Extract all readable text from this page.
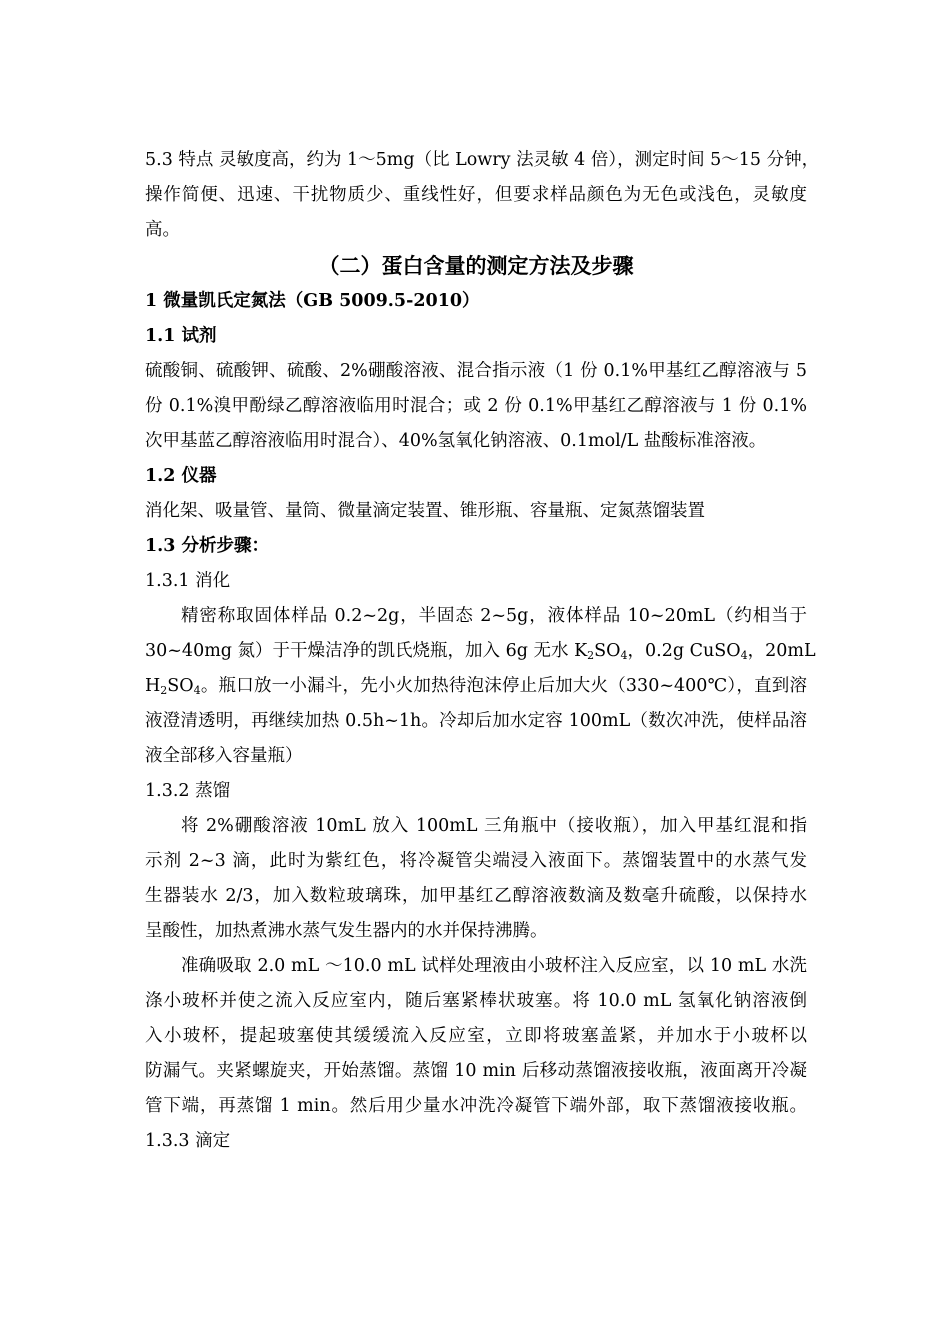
5.3 特点 灵敏度高，约为 1～5mg（比 Lowry 法灵敏 4 倍），测定时间 5～15 分钟，
操作简便、迅速、干扰物质少、重线性好，但要求样品颜色为无色或浅色，灵敏度
高。
（二）蛋白含量的测定方法及步骤
1 微量凯氏定氮法（GB 5009.5-2010）
1.1 试剂
硫酸铜、硫酸钾、硫酸、2%硼酸溶液、混合指示液（1 份 0.1%甲基红乙醇溶液与 5
份 0.1%溴甲酚绿乙醇溶液临用时混合；或 2 份 0.1%甲基红乙醇溶液与 1 份 0.1%
次甲基蓝乙醇溶液临用时混合）、40%氢氧化钠溶液、0.1mol/L 盐酸标准溶液。
1.2 仪器
消化架、吸量管、量筒、微量滴定装置、锥形瓶、容量瓶、定氮蒸馏装置
1.3 分析步骤：
1.3.1 消化
精密称取固体样品 0.2~2g，半固态 2~5g，液体样品 10~20mL（约相当于
30~40mg 氮）于干燥洁净的凯氏烧瓶，加入 6g 无水 $K_2SO_4$，0.2g CuSO$_4$，20mL
$H_2SO_4$。瓶口放一小漏斗，先小火加热待泡沫停止后加大火（330~400℃），直到溶
液澄清透明，再继续加热 0.5h~1h。冷却后加水定容 100mL（数次冲洗，使样品溶
液全部移入容量瓶）
1.3.2 蒸馏
将 2%硼酸溶液 10mL 放入 100mL 三角瓶中（接收瓶），加入甲基红混和指
示剂 2~3 滴，此时为紫红色，将冷凝管尖端浸入液面下。蒸馏装置中的水蒸气发
生器装水 2/3，加入数粒玻璃珠，加甲基红乙醇溶液数滴及数毫升硫酸，以保持水
呈酸性，加热煮沸水蒸气发生器内的水并保持沸腾。
准确吸取 2.0 mL ～10.0 mL 试样处理液由小玻杯注入反应室，以 10 mL 水洗
涤小玻杯并使之流入反应室内，随后塞紧棒状玻塞。将 10.0 mL 氢氧化钠溶液倒
入小玻杯，提起玻塞使其缓缓流入反应室，立即将玻塞盖紧，并加水于小玻杯以
防漏气。夹紧螺旋夹，开始蒸馏。蒸馏 10 min 后移动蒸馏液接收瓶，液面离开冷凝
管下端，再蒸馏 1 min。然后用少量水冲洗冷凝管下端外部，取下蒸馏液接收瓶。
1.3.3 滴定
